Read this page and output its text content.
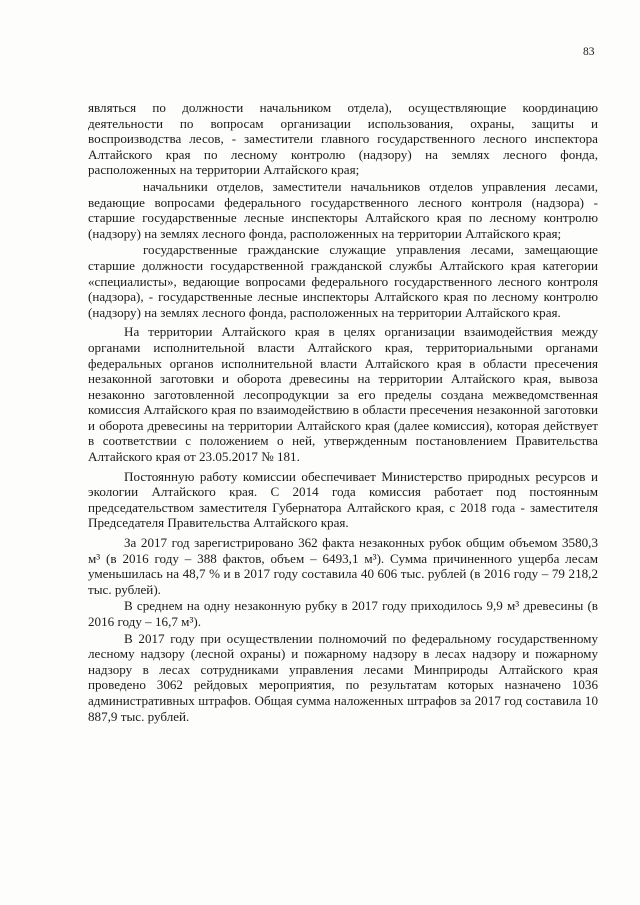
83

являться по должности начальником отдела), осуществляющие координацию деятельности по вопросам организации использования, охраны, защиты и воспроизводства лесов, - заместители главного государственного лесного инспектора Алтайского края по лесному контролю (надзору) на землях лесного фонда, расположенных на территории Алтайского края;

начальники отделов, заместители начальников отделов управления лесами, ведающие вопросами федерального государственного лесного контроля (надзора) - старшие государственные лесные инспекторы Алтайского края по лесному контролю (надзору) на землях лесного фонда, расположенных на территории Алтайского края;

государственные гражданские служащие управления лесами, замещающие старшие должности государственной гражданской службы Алтайского края категории «специалисты», ведающие вопросами федерального государственного лесного контроля (надзора), - государственные лесные инспекторы Алтайского края по лесному контролю (надзору) на землях лесного фонда, расположенных на территории Алтайского края.

На территории Алтайского края в целях организации взаимодействия между органами исполнительной власти Алтайского края, территориальными органами федеральных органов исполнительной власти Алтайского края в области пресечения незаконной заготовки и оборота древесины на территории Алтайского края, вывоза незаконно заготовленной лесопродукции за его пределы создана межведомственная комиссия Алтайского края по взаимодействию в области пресечения незаконной заготовки и оборота древесины на территории Алтайского края (далее комиссия), которая действует в соответствии с положением о ней, утвержденным постановлением Правительства Алтайского края от 23.05.2017 № 181.

Постоянную работу комиссии обеспечивает Министерство природных ресурсов и экологии Алтайского края. С 2014 года комиссия работает под постоянным председательством заместителя Губернатора Алтайского края, с 2018 года - заместителя Председателя Правительства Алтайского края.

За 2017 год зарегистрировано 362 факта незаконных рубок общим объемом 3580,3 м³ (в 2016 году – 388 фактов, объем – 6493,1 м³). Сумма причиненного ущерба лесам уменьшилась на 48,7 % и в 2017 году составила 40 606 тыс. рублей (в 2016 году – 79 218,2 тыс. рублей).

В среднем на одну незаконную рубку в 2017 году приходилось 9,9 м³ древесины (в 2016 году – 16,7 м³).

В 2017 году при осуществлении полномочий по федеральному государственному лесному надзору (лесной охраны) и пожарному надзору в лесах надзору и пожарному надзору в лесах сотрудниками управления лесами Минприроды Алтайского края проведено 3062 рейдовых мероприятия, по результатам которых назначено 1036 административных штрафов. Общая сумма наложенных штрафов за 2017 год составила 10 887,9 тыс. рублей.
